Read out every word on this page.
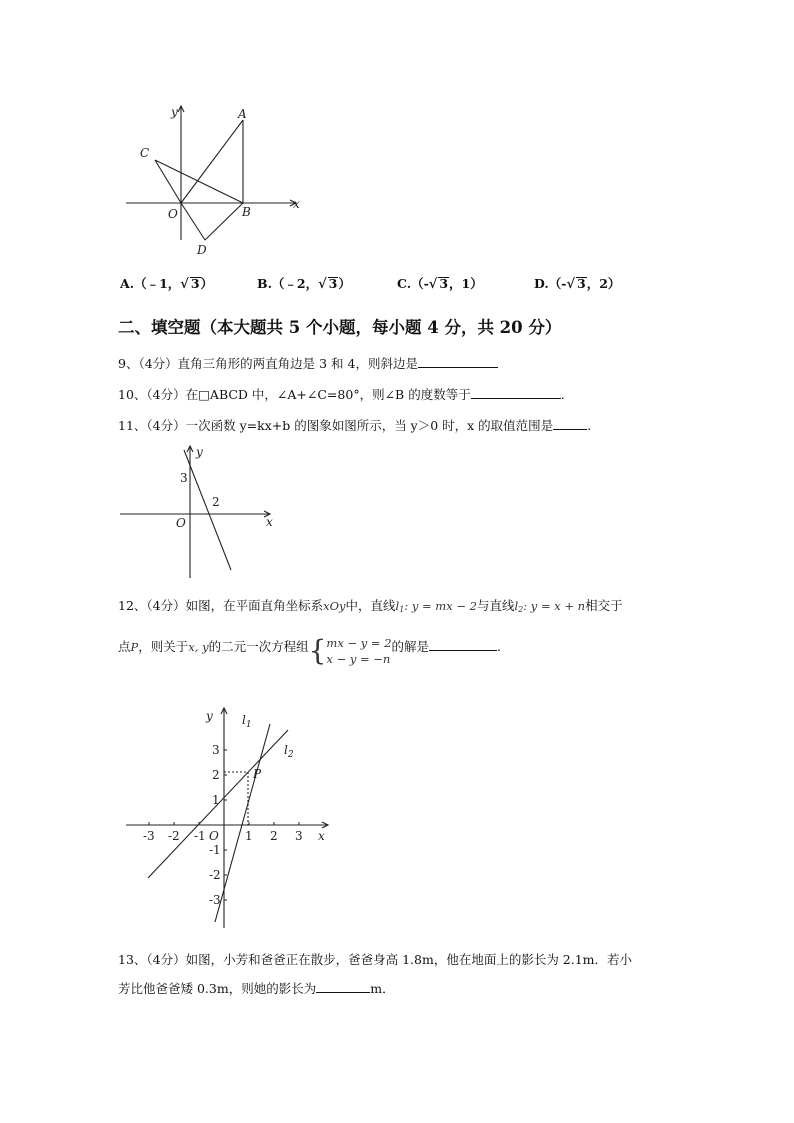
y	A
C
O	B
x
D
A.（﹣1，√ 3）	B.（﹣2，√ 3）	C.（-√ 3，1）	D.（-√ 3，2）
二、填空题（本大题共 5 个小题，每小题 4 分，共 20 分）
9、（4分）直角三角形的两直角边是 3 和 4，则斜边是
10、（4分）在□ABCD 中，∠A+∠C=80°，则∠B 的度数等于	.
11、（4分）一次函数 y=kx+b 的图象如图所示，当 y＞0 时，x 的取值范围是	.
y
3
2
O	x
12、（4分）如图，在平面直角坐标系xOy中，直线$l_1$: y = mx − 2与直线$l_2$: y = x + n相交于
点P，则关于x, y的二元一次方程组{ mx − y = 2
x − y = −n
的解是	.
y $l_1$
$l_2$
P
O	x
-3 -2 -1	1 2 3
3
2
1
-1
-2
-3
13、（4分）如图，小芳和爸爸正在散步，爸爸身高 1.8m，他在地面上的影长为 2.1m．若小
芳比他爸爸矮 0.3m，则她的影长为	m．
